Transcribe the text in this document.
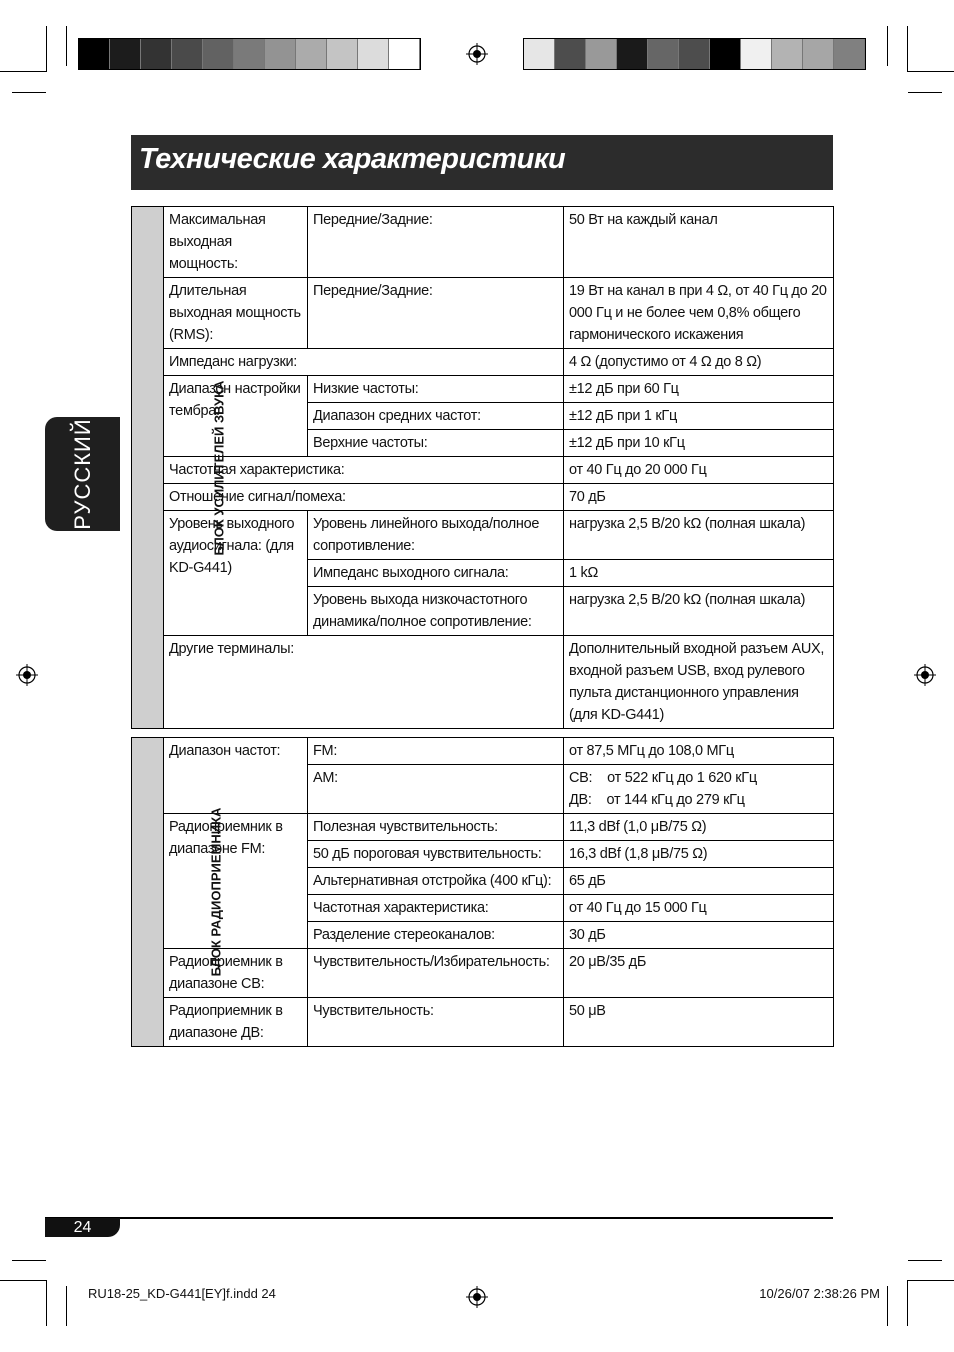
Технические характеристики
РУССКИЙ	БЛОК УСИЛИТЕЛЕЙ ЗВУКА	Максимальная выходная мощность:	Передние/Задние:	50 Вт на каждый канал
	Длительная выходная мощность (RMS):	Передние/Задние:	19 Вт на канал в при 4 Ω, от 40 Гц до 20 000 Гц и не более чем 0,8% общего гармонического искажения
	Импеданс нагрузки:		4 Ω (допустимо от 4 Ω до 8 Ω)
	Диапазон настройки тембра:	Низкие частоты:	±12 дБ при 60 Гц
		Диапазон средних частот:	±12 дБ при 1 кГц
		Верхние частоты:	±12 дБ при 10 кГц
	Частотная характеристика:		от 40 Гц до 20 000 Гц
	Отношение сигнал/помеха:		70 дБ
	Уровень выходного аудиосигнала: (для KD-G441)	Уровень линейного выхода/полное сопротивление:	нагрузка 2,5 В/20 kΩ (полная шкала)
		Импеданс выходного сигнала:	1 kΩ
		Уровень выхода низкочастотного динамика/полное сопротивление:	нагрузка 2,5 В/20 kΩ (полная шкала)
	Другие терминалы:		Дополнительный входной разъем AUX, входной разъем USB, вход рулевого пульта дистанционного управления (для KD-G441)
БЛОК РАДИОПРИЕМНИКА	Диапазон частот:	FM:	от 87,5 МГц до 108,0 МГц
		AM:	СВ:    от 522 кГц до 1 620 кГц
ДВ:    от 144 кГц до 279 кГц

	Радиоприемник в диапазоне FM:	Полезная чувствительность:	11,3 dBf (1,0 μВ/75 Ω)
		50 дБ пороговая чувствительность:	16,3 dBf (1,8 μВ/75 Ω)
		Альтернативная отстройка (400 кГц):	65 дБ
		Частотная характеристика:	от 40 Гц до 15 000 Гц
		Разделение стереоканалов:	30 дБ
	Радиоприемник в диапазоне СВ:	Чувствительность/Избирательность:	20 μВ/35 дБ
	Радиоприемник в диапазоне ДВ:	Чувствительность:	50 μВ
24
RU18-25_KD-G441[EY]f.indd 24	10/26/07 2:38:26 PM
